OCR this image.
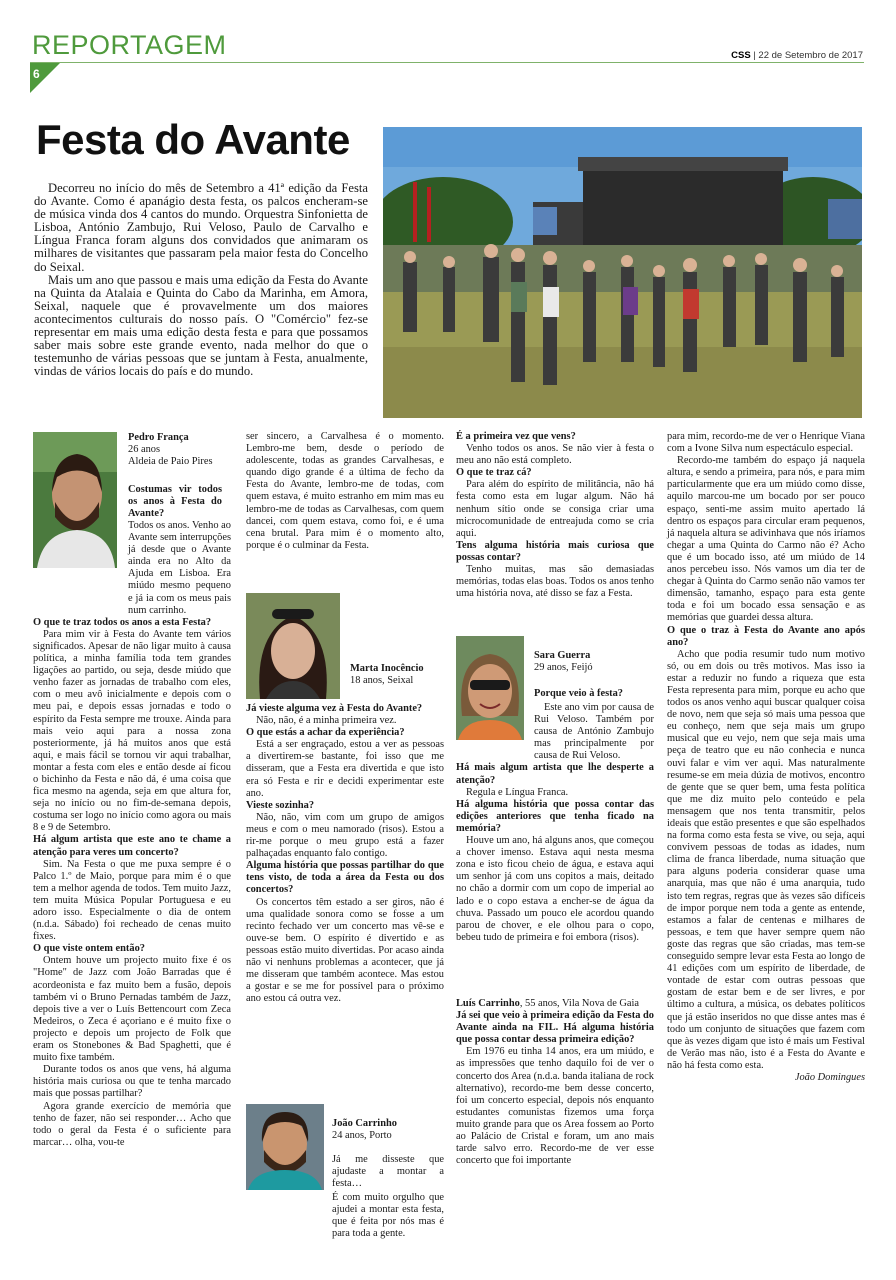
REPORTAGEM	CSS | 22 de Setembro de 2017
6
Festa do Avante

Decorreu no início do mês de Setembro a 41ª edição da Festa do Avante. Como é apanágio desta festa, os palcos encheram-se de música vinda dos 4 cantos do mundo. Orquestra Sinfonietta de Lisboa, António Zambujo, Rui Veloso, Paulo de Carvalho e Língua Franca foram alguns dos convidados que animaram os milhares de visitantes que passaram pela maior festa do Concelho do Seixal.

Mais um ano que passou e mais uma edição da Festa do Avante na Quinta da Atalaia e Quinta do Cabo da Marinha, em Amora, Seixal, naquele que é provavelmente um dos maiores acontecimentos culturais do nosso país. O "Comércio" fez-se representar em mais uma edição desta festa e para que possamos saber mais sobre este grande evento, nada melhor do que o testemunho de várias pessoas que se juntam à Festa, anualmente, vindas de vários locais do país e do mundo.

Pedro França

26 anos

Aldeia de Paio Pires

Costumas vir todos os anos à Festa do Avante?

Todos os anos. Venho ao Avante sem interrupções já desde que o Avante ainda era no Alto da Ajuda em Lisboa. Era miúdo mesmo pequeno e já ia com os meus pais num carrinho.

O que te traz todos os anos a esta Festa?

Para mim vir à Festa do Avante tem vários significados. Apesar de não ligar muito à causa política, a minha família toda tem grandes ligações ao partido, ou seja, desde miúdo que venho fazer as jornadas de trabalho com eles, com o meu avô inicialmente e depois com o meu pai, e depois essas jornadas e todo o espírito da Festa sempre me trouxe. Ainda para mais veio aqui para a nossa zona posteriormente, já há muitos anos que está aqui, e mais fácil se tornou vir aqui trabalhar, montar a festa com eles e então desde aí ficou o bichinho da Festa e não dá, é uma coisa que fica mesmo na agenda, seja em que altura for, seja no início ou no fim-de-semana depois, costuma ser logo no início como agora ou mais 8 e 9 de Setembro.

Há algum artista que este ano te chame a atenção para veres um concerto?

Sim. Na Festa o que me puxa sempre é o Palco 1.º de Maio, porque para mim é o que tem a melhor agenda de todos. Tem muito Jazz, tem muita Música Popular Portuguesa e eu adoro isso. Especialmente o dia de ontem (n.d.a. Sábado) foi recheado de cenas muito fixes.

O que viste ontem então?

Ontem houve um projecto muito fixe é os "Home" de Jazz com João Barradas que é acordeonista e faz muito bem a fusão, depois também vi o Bruno Pernadas também de Jazz, depois tive a ver o Luís Bettencourt com Zeca Medeiros, o Zeca é açoriano e é muito fixe o projecto e depois um projecto de Folk que eram os Stonebones & Bad Spaghetti, que é muito fixe também.

Durante todos os anos que vens, há alguma história mais curiosa ou que te tenha marcado mais que possas partilhar?

Agora grande exercício de memória que tenho de fazer, não sei responder… Acho que todo o geral da Festa é o suficiente para marcar… olha, vou-te

ser sincero, a Carvalhesa é o momento. Lembro-me bem, desde o período de adolescente, todas as grandes Carvalhesas, e quando digo grande é a última de fecho da Festa do Avante, lembro-me de todas, com quem estava, é muito estranho em mim mas eu lembro-me de todas as Carvalhesas, com quem dancei, com quem estava, como foi, e é uma cena brutal. Para mim é o momento alto, porque é o culminar da Festa.

Marta Inocêncio

18 anos, Seixal

Já vieste alguma vez à Festa do Avante?

Não, não, é a minha primeira vez.

O que estás a achar da experiência?

Está a ser engraçado, estou a ver as pessoas a divertirem-se bastante, foi isso que me disseram, que a Festa era divertida e que isto era só Festa e rir e decidi experimentar este ano.

Vieste sozinha?

Não, não, vim com um grupo de amigos meus e com o meu namorado (risos). Estou a rir-me porque o meu grupo está a fazer palhaçadas enquanto falo contigo.

Alguma história que possas partilhar do que tens visto, de toda a área da Festa ou dos concertos?

Os concertos têm estado a ser giros, não é uma qualidade sonora como se fosse a um recinto fechado ver um concerto mas vê-se e ouve-se bem. O espírito é divertido e as pessoas estão muito divertidas. Por acaso ainda não vi nenhuns problemas a acontecer, que já me disseram que também acontece. Mas estou a gostar e se me for possível para o próximo ano estou cá outra vez.

João Carrinho

24 anos, Porto

Já me disseste que ajudaste a montar a festa…

É com muito orgulho que ajudei a montar esta festa, que é feita por nós mas é para toda a gente.

É a primeira vez que vens?

Venho todos os anos. Se não vier à festa o meu ano não está completo.

O que te traz cá?

Para além do espírito de militância, não há festa como esta em lugar algum. Não há nenhum sítio onde se consiga criar uma microcomunidade de entreajuda como se cria aqui.

Tens alguma história mais curiosa que possas contar?

Tenho muitas, mas são demasiadas memórias, todas elas boas. Todos os anos tenho uma história nova, até disso se faz a Festa.

Sara Guerra

29 anos, Feijó

Porque veio à festa?

Este ano vim por causa de Rui Veloso. Também por causa de António Zambujo mas principalmente por causa de Rui Veloso.

Há mais algum artista que lhe desperte a atenção?

Regula e Língua Franca.

Há alguma história que possa contar das edições anteriores que tenha ficado na memória?

Houve um ano, há alguns anos, que começou a chover imenso. Estava aqui nesta mesma zona e isto ficou cheio de água, e estava aqui um senhor já com uns copitos a mais, deitado no chão a dormir com um copo de imperial ao lado e o copo estava a encher-se de água da chuva. Passado um pouco ele acordou quando parou de chover, e ele olhou para o copo, bebeu tudo de primeira e foi embora (risos).

Luís Carrinho, 55 anos, Vila Nova de Gaia

Já sei que veio à primeira edição da Festa do Avante ainda na FIL. Há alguma história que possa contar dessa primeira edição?

Em 1976 eu tinha 14 anos, era um miúdo, e as impressões que tenho daquilo foi de ver o concerto dos Area (n.d.a. banda italiana de rock alternativo), recordo-me bem desse concerto, foi um concerto especial, depois nós enquanto estudantes comunistas fizemos uma força muito grande para que os Area fossem ao Porto ao Palácio de Cristal e foram, um ano mais tarde salvo erro. Recordo-me de ver esse concerto que foi importante

para mim, recordo-me de ver o Henrique Viana com a Ivone Silva num espectáculo especial.

Recordo-me também do espaço já naquela altura, e sendo a primeira, para nós, e para mim particularmente que era um miúdo como disse, aquilo marcou-me um bocado por ser pouco espaço, senti-me assim muito apertado lá dentro os espaços para circular eram pequenos, já naquela altura se adivinhava que nós iríamos chegar a uma Quinta do Carmo não é? Acho que é um bocado isso, até um miúdo de 14 anos percebeu isso. Nós vamos um dia ter de chegar à Quinta do Carmo senão não vamos ter dimensão, tamanho, espaço para esta gente toda e foi um bocado essa sensação e as memórias que guardei dessa altura.

O que o traz à Festa do Avante ano após ano?

Acho que podia resumir tudo num motivo só, ou em dois ou três motivos. Mas isso ia estar a reduzir no fundo a riqueza que esta Festa representa para mim, porque eu acho que todos os anos venho aqui buscar qualquer coisa de novo, nem que seja só mais uma pessoa que eu conheço, nem que seja mais um grupo musical que eu vejo, nem que seja mais uma peça de teatro que eu não conhecia e nunca ouvi falar e vim ver aqui. Mas naturalmente resume-se em meia dúzia de motivos, encontro de gente que se quer bem, uma festa política que me diz muito pelo conteúdo e pela mensagem que nos tenta transmitir, pelos ideais que estão presentes e que são espelhados na forma como esta festa se vive, ou seja, aqui convivem pessoas de todas as idades, num clima de franca liberdade, numa situação que para alguns poderia considerar quase uma anarquia, mas que não é uma anarquia, tudo isto tem regras, regras que às vezes são difíceis de impor porque nem toda a gente as entende, estamos a falar de centenas e milhares de pessoas, e tem que haver sempre quem não goste das regras que são criadas, mas tem-se conseguido sempre levar esta Festa ao longo de 41 edições com um espírito de liberdade, de vontade de estar com outras pessoas que gostam de estar bem e de ser livres, e por último a cultura, a música, os debates políticos que já estão inseridos no que disse antes mas é todo um conjunto de situações que fazem com que às vezes digam que isto é mais um Festival de Verão mas não, isto é a Festa do Avante e não há festa como esta.

João Domingues
